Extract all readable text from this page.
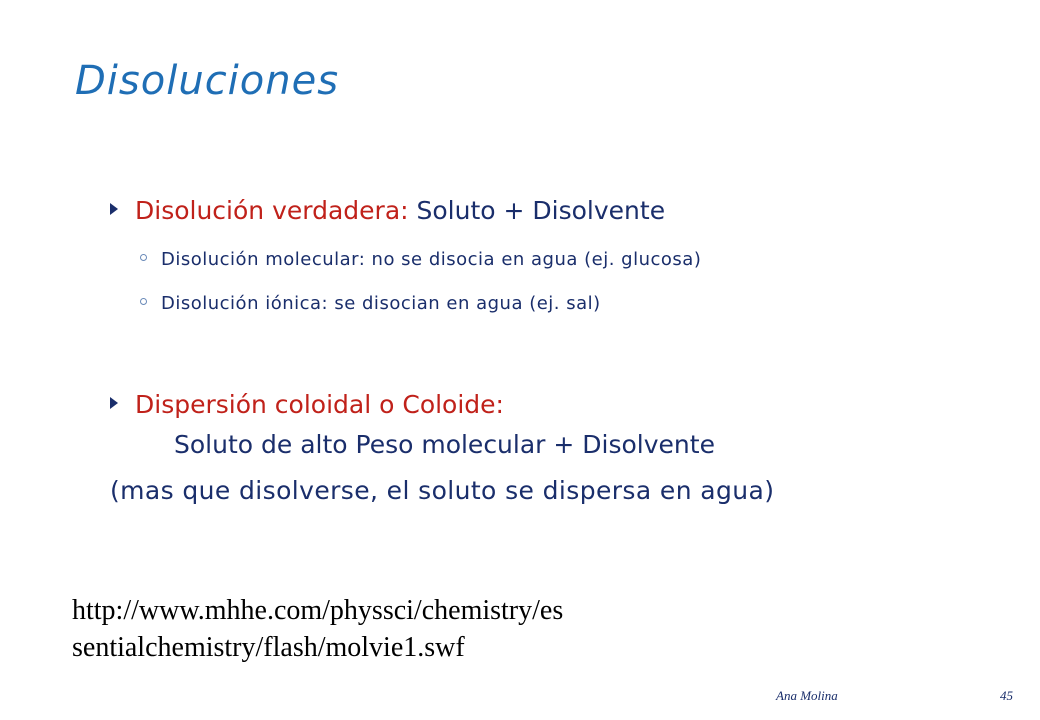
Disoluciones
Disolución verdadera: Soluto + Disolvente
Disolución molecular: no se disocia en agua (ej. glucosa)
Disolución iónica: se disocian en agua (ej. sal)
Dispersión coloidal o Coloide:
Soluto de alto Peso molecular + Disolvente
(mas que disolverse, el soluto se dispersa en agua)
http://www.mhhe.com/physsci/chemistry/es
sentialchemistry/flash/molvie1.swf
Ana Molina	45
